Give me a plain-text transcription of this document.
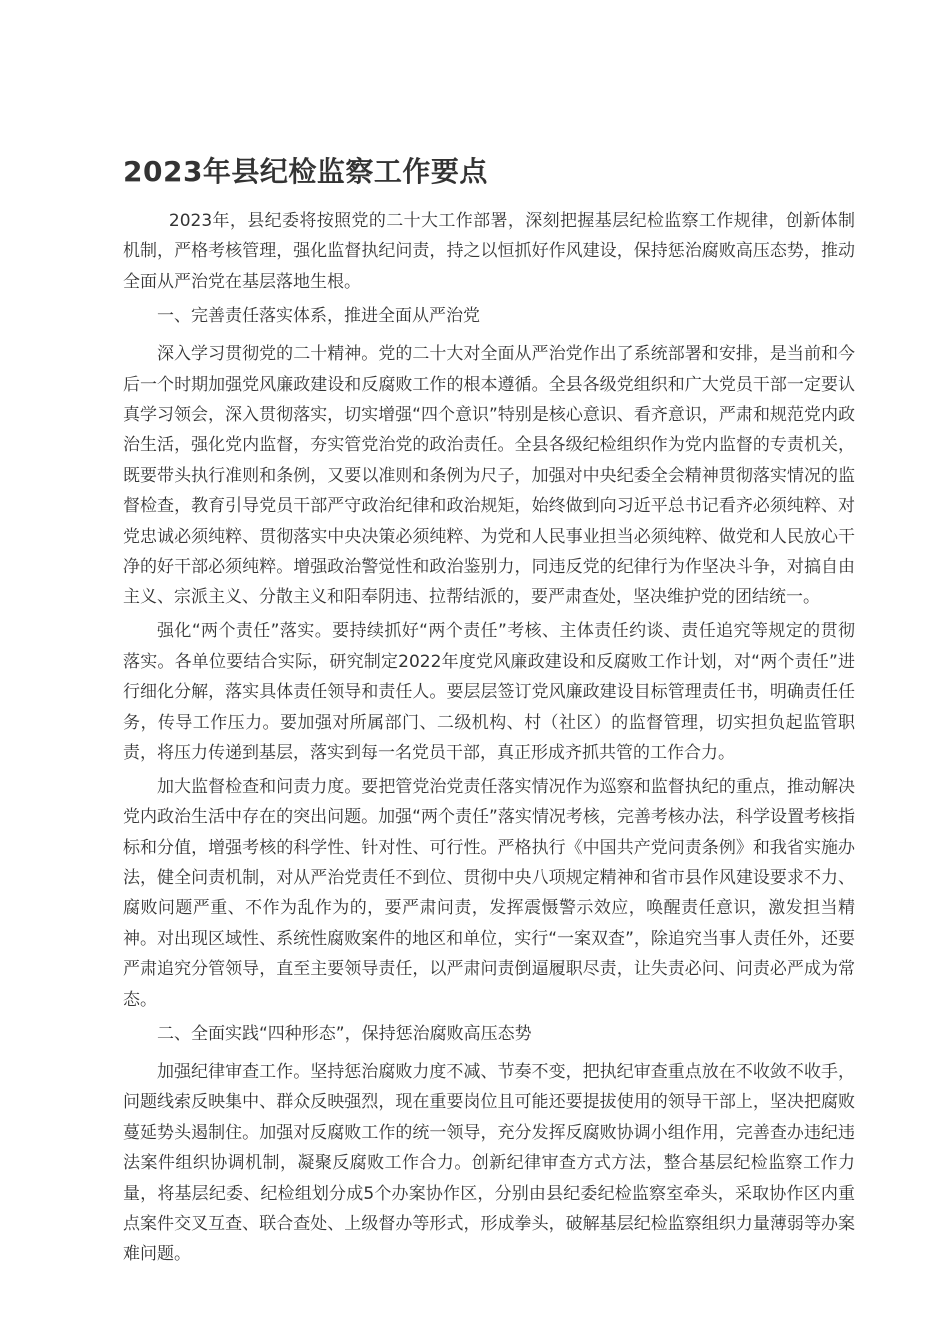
2023年县纪检监察工作要点

2023年，县纪委将按照党的二十大工作部署，深刻把握基层纪检监察工作规律，创新体制机制，严格考核管理，强化监督执纪问责，持之以恒抓好作风建设，保持惩治腐败高压态势，推动全面从严治党在基层落地生根。

一、完善责任落实体系，推进全面从严治党

深入学习贯彻党的二十精神。党的二十大对全面从严治党作出了系统部署和安排，是当前和今后一个时期加强党风廉政建设和反腐败工作的根本遵循。全县各级党组织和广大党员干部一定要认真学习领会，深入贯彻落实，切实增强“四个意识”特别是核心意识、看齐意识，严肃和规范党内政治生活，强化党内监督，夯实管党治党的政治责任。全县各级纪检组织作为党内监督的专责机关，既要带头执行准则和条例，又要以准则和条例为尺子，加强对中央纪委全会精神贯彻落实情况的监督检查，教育引导党员干部严守政治纪律和政治规矩，始终做到向习近平总书记看齐必须纯粹、对党忠诚必须纯粹、贯彻落实中央决策必须纯粹、为党和人民事业担当必须纯粹、做党和人民放心干净的好干部必须纯粹。增强政治警觉性和政治鉴别力，同违反党的纪律行为作坚决斗争，对搞自由主义、宗派主义、分散主义和阳奉阴违、拉帮结派的，要严肃查处，坚决维护党的团结统一。

强化“两个责任”落实。要持续抓好“两个责任”考核、主体责任约谈、责任追究等规定的贯彻落实。各单位要结合实际，研究制定2022年度党风廉政建设和反腐败工作计划，对“两个责任”进行细化分解，落实具体责任领导和责任人。要层层签订党风廉政建设目标管理责任书，明确责任任务，传导工作压力。要加强对所属部门、二级机构、村（社区）的监督管理，切实担负起监管职责，将压力传递到基层，落实到每一名党员干部，真正形成齐抓共管的工作合力。

加大监督检查和问责力度。要把管党治党责任落实情况作为巡察和监督执纪的重点，推动解决党内政治生活中存在的突出问题。加强“两个责任”落实情况考核，完善考核办法，科学设置考核指标和分值，增强考核的科学性、针对性、可行性。严格执行《中国共产党问责条例》和我省实施办法，健全问责机制，对从严治党责任不到位、贯彻中央八项规定精神和省市县作风建设要求不力、腐败问题严重、不作为乱作为的，要严肃问责，发挥震慑警示效应，唤醒责任意识，激发担当精神。对出现区域性、系统性腐败案件的地区和单位，实行“一案双查”，除追究当事人责任外，还要严肃追究分管领导，直至主要领导责任，以严肃问责倒逼履职尽责，让失责必问、问责必严成为常态。

二、全面实践“四种形态”，保持惩治腐败高压态势

加强纪律审查工作。坚持惩治腐败力度不减、节奏不变，把执纪审查重点放在不收敛不收手，问题线索反映集中、群众反映强烈，现在重要岗位且可能还要提拔使用的领导干部上，坚决把腐败蔓延势头遏制住。加强对反腐败工作的统一领导，充分发挥反腐败协调小组作用，完善查办违纪违法案件组织协调机制，凝聚反腐败工作合力。创新纪律审查方式方法，整合基层纪检监察工作力量，将基层纪委、纪检组划分成5个办案协作区，分别由县纪委纪检监察室牵头，采取协作区内重点案件交叉互查、联合查处、上级督办等形式，形成拳头，破解基层纪检监察组织力量薄弱等办案难问题。
